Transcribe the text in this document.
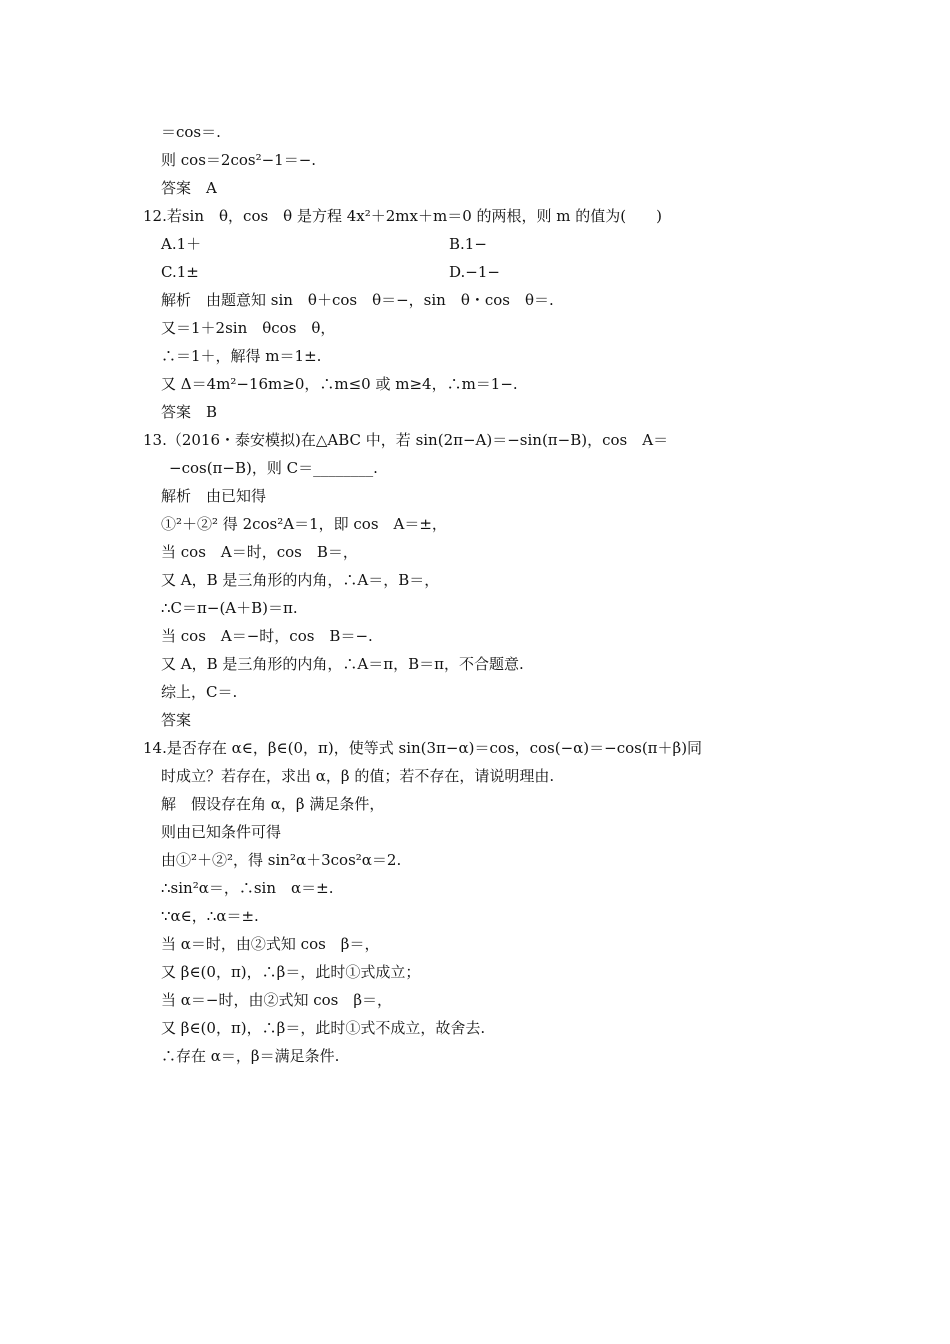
＝cos＝.
则 cos＝2cos²−1＝−.
答案　A
12.若sin　θ，cos　θ 是方程 4x²＋2mx＋m＝0 的两根，则 m 的值为(　　)
A.1＋	B.1−
C.1±	D.−1−
解析　由题意知 sin　θ＋cos　θ＝−，sin　θ・cos　θ＝.
又＝1＋2sin　θcos　θ，
∴＝1＋，解得 m＝1±.
又 Δ＝4m²−16m≥0，∴m≤0 或 m≥4，∴m＝1−.
答案　B
13.（2016・泰安模拟)在△ABC 中，若 sin(2π−A)＝−sin(π−B)，cos　A＝
−cos(π−B)，则 C＝________.
解析　由已知得
①²＋②² 得 2cos²A＝1，即 cos　A＝±，
当 cos　A＝时，cos　B＝，
又 A，B 是三角形的内角，∴A＝，B＝，
∴C＝π−(A＋B)＝π.
当 cos　A＝−时，cos　B＝−.
又 A，B 是三角形的内角，∴A＝π，B＝π，不合题意.
综上，C＝.
答案
14.是否存在 α∈，β∈(0，π)，使等式 sin(3π−α)＝cos，cos(−α)＝−cos(π＋β)同
时成立？若存在，求出 α，β 的值；若不存在，请说明理由.
解　假设存在角 α，β 满足条件，
则由已知条件可得
由①²＋②²，得 sin²α＋3cos²α＝2.
∴sin²α＝，∴sin　α＝±.
∵α∈，∴α＝±.
当 α＝时，由②式知 cos　β＝，
又 β∈(0，π)，∴β＝，此时①式成立；
当 α＝−时，由②式知 cos　β＝，
又 β∈(0，π)，∴β＝，此时①式不成立，故舍去.
∴存在 α＝，β＝满足条件.
